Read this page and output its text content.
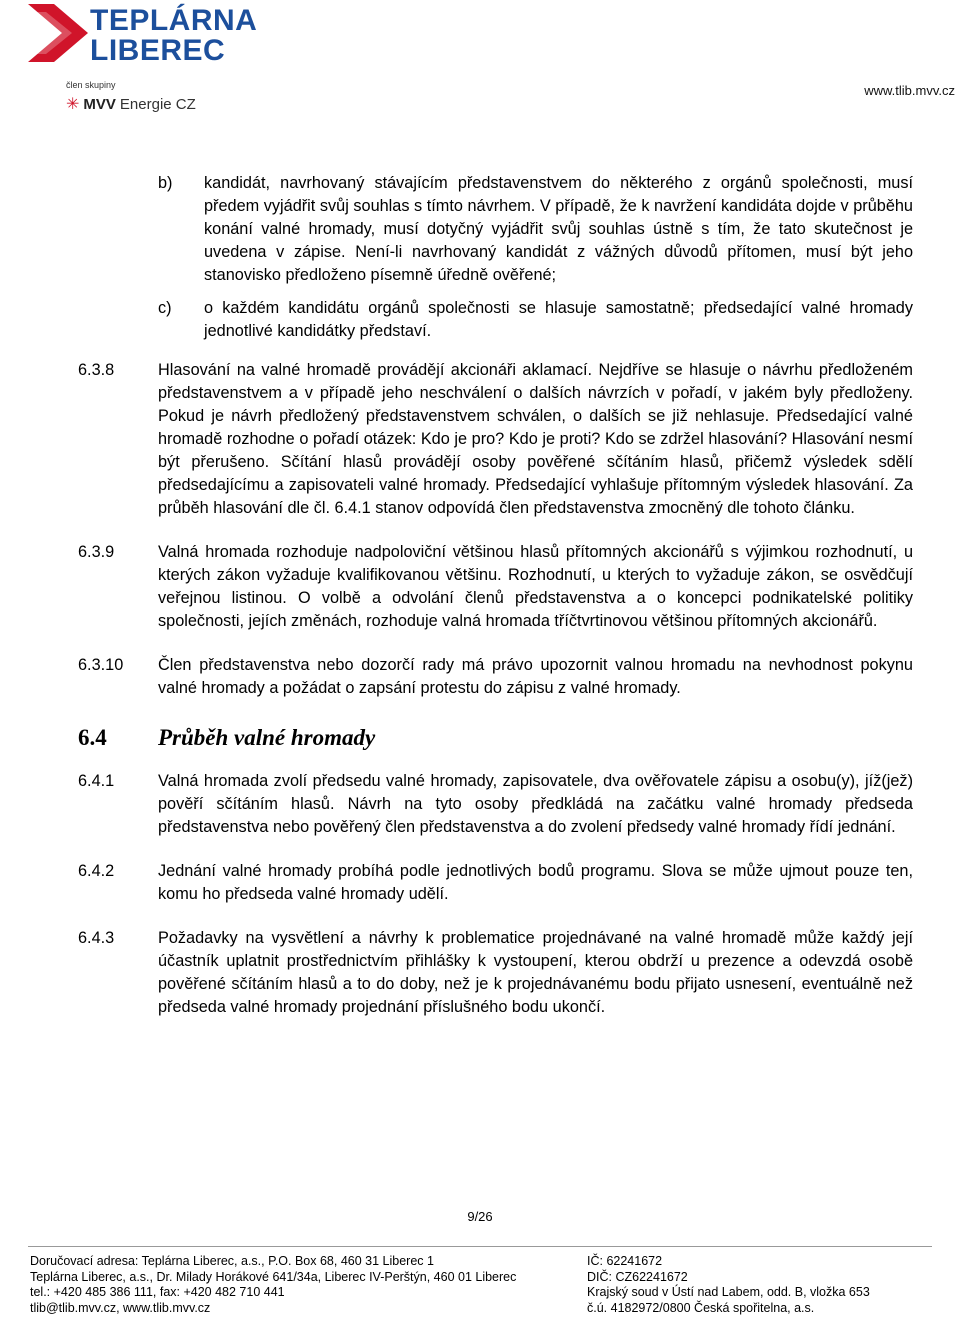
TEPLÁRNA
LIBEREC
člen skupiny
✳ MVV Energie CZ
www.tlib.mvv.cz
b)	kandidát, navrhovaný stávajícím představenstvem do některého z orgánů společnosti, musí předem vyjádřit svůj souhlas s tímto návrhem. V případě, že k navržení kandidáta dojde v průběhu konání valné hromady, musí dotyčný vyjádřit svůj souhlas ústně s tím, že tato skutečnost je uvedena v zápise. Není-li navrhovaný kandidát z vážných důvodů přítomen, musí být jeho stanovisko předloženo písemně úředně ověřené;
c)	o každém kandidátu orgánů společnosti se hlasuje samostatně; předsedající valné hromady jednotlivé kandidátky představí.
6.3.8	Hlasování na valné hromadě provádějí akcionáři aklamací. Nejdříve se hlasuje o návrhu předloženém představenstvem a v případě jeho neschválení o dalších návrzích v pořadí, v jakém byly předloženy. Pokud je návrh předložený představenstvem schválen, o dalších se již nehlasuje. Předsedající valné hromadě rozhodne o pořadí otázek: Kdo je pro? Kdo je proti? Kdo se zdržel hlasování? Hlasování nesmí být přerušeno. Sčítání hlasů provádějí osoby pověřené sčítáním hlasů, přičemž výsledek sdělí předsedajícímu a zapisovateli valné hromady. Předsedající vyhlašuje přítomným výsledek hlasování. Za průběh hlasování dle čl. 6.4.1 stanov odpovídá člen představenstva zmocněný dle tohoto článku.
6.3.9	Valná hromada rozhoduje nadpoloviční většinou hlasů přítomných akcionářů s výjimkou rozhodnutí, u kterých zákon vyžaduje kvalifikovanou většinu. Rozhodnutí, u kterých to vyžaduje zákon, se osvědčují veřejnou listinou. O volbě a odvolání členů představenstva a o koncepci podnikatelské politiky společnosti, jejích změnách, rozhoduje valná hromada tříčtvrtinovou většinou přítomných akcionářů.
6.3.10	Člen představenstva nebo dozorčí rady má právo upozornit valnou hromadu na nevhodnost pokynu valné hromady a požádat o zapsání protestu do zápisu z valné hromady.
6.4 Průběh valné hromady
6.4.1	Valná hromada zvolí předsedu valné hromady, zapisovatele, dva ověřovatele zápisu a osobu(y), jíž(jež) pověří sčítáním hlasů. Návrh na tyto osoby předkládá na začátku valné hromady předseda představenstva nebo pověřený člen představenstva a do zvolení předsedy valné hromady řídí jednání.
6.4.2	Jednání valné hromady probíhá podle jednotlivých bodů programu. Slova se může ujmout pouze ten, komu ho předseda valné hromady udělí.
6.4.3	Požadavky na vysvětlení a návrhy k problematice projednávané na valné hromadě může každý její účastník uplatnit prostřednictvím přihlášky k vystoupení, kterou obdrží u prezence a odevzdá osobě pověřené sčítáním hlasů a to do doby, než je k projednávanému bodu přijato usnesení, eventuálně než předseda valné hromady projednání příslušného bodu ukončí.
9/26
Doručovací adresa: Teplárna Liberec, a.s., P.O. Box 68, 460 31 Liberec 1
Teplárna Liberec, a.s., Dr. Milady Horákové 641/34a, Liberec IV-Perštýn, 460 01 Liberec
tel.: +420 485 386 111, fax: +420 482 710 441
tlib@tlib.mvv.cz, www.tlib.mvv.cz
IČ: 62241672
DIČ: CZ62241672
Krajský soud v Ústí nad Labem, odd. B, vložka 653
č.ú. 4182972/0800 Česká spořitelna, a.s.
